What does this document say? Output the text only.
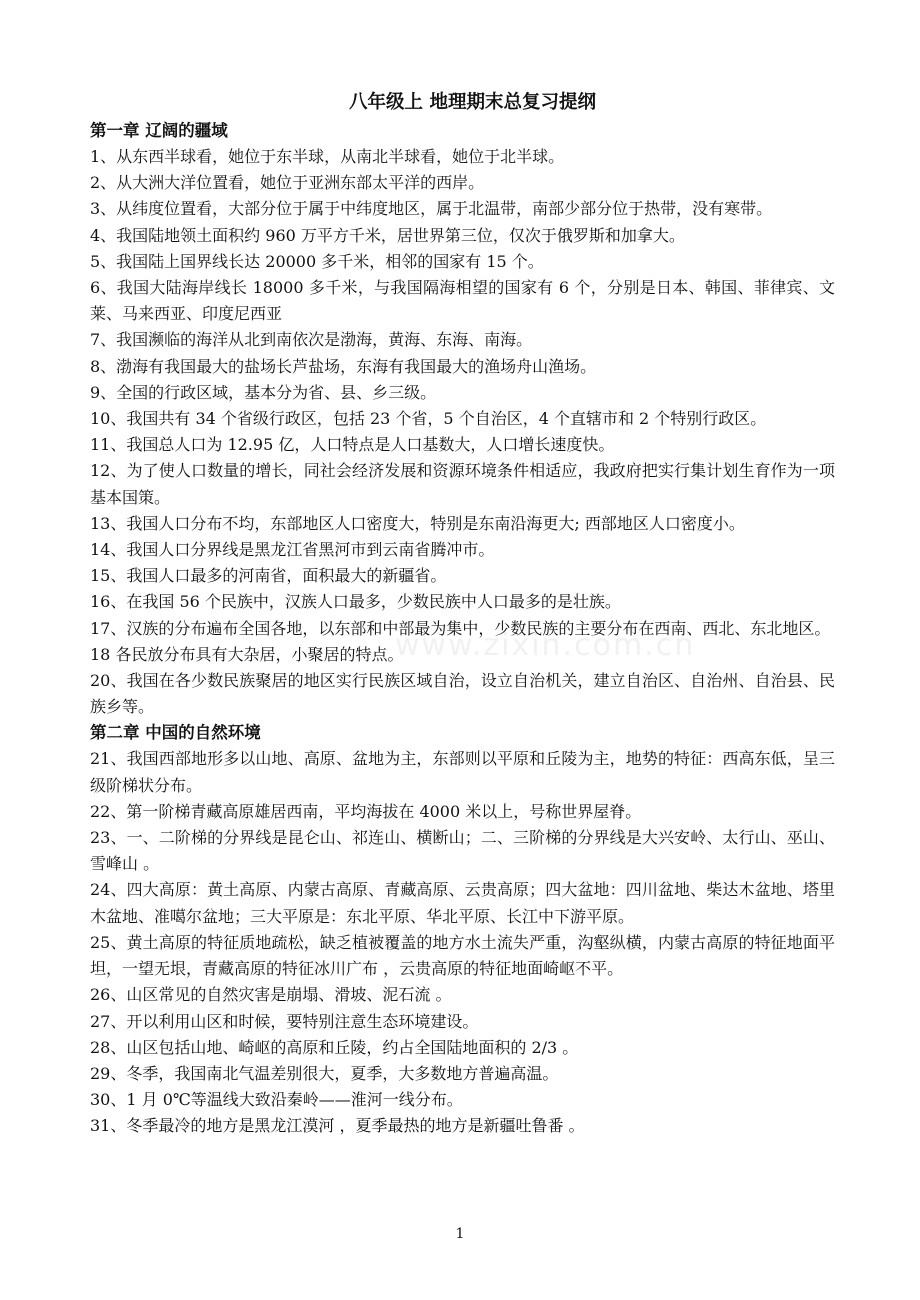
八年级上 地理期末总复习提纲
第一章 辽阔的疆域

1、从东西半球看，她位于东半球，从南北半球看，她位于北半球。

2、从大洲大洋位置看，她位于亚洲东部太平洋的西岸。

3、从纬度位置看，大部分位于属于中纬度地区，属于北温带，南部少部分位于热带，没有寒带。

4、我国陆地领土面积约 960 万平方千米，居世界第三位，仅次于俄罗斯和加拿大。

5、我国陆上国界线长达 20000 多千米，相邻的国家有 15 个。

6、我国大陆海岸线长 18000 多千米，与我国隔海相望的国家有 6 个，分别是日本、韩国、菲律宾、文莱、马来西亚、印度尼西亚

7、我国濒临的海洋从北到南依次是渤海，黄海、东海、南海。

8、渤海有我国最大的盐场长芦盐场，东海有我国最大的渔场舟山渔场。

9、全国的行政区域，基本分为省、县、乡三级。

10、我国共有 34 个省级行政区，包括 23 个省，5 个自治区，4 个直辖市和 2 个特别行政区。

11、我国总人口为 12.95 亿，人口特点是人口基数大，人口增长速度快。

12、为了使人口数量的增长，同社会经济发展和资源环境条件相适应，我政府把实行集计划生育作为一项基本国策。

13、我国人口分布不均，东部地区人口密度大，特别是东南沿海更大; 西部地区人口密度小。

14、我国人口分界线是黑龙江省黑河市到云南省腾冲市。

15、我国人口最多的河南省，面积最大的新疆省。

16、在我国 56 个民族中，汉族人口最多，少数民族中人口最多的是壮族。

17、汉族的分布遍布全国各地，以东部和中部最为集中，少数民族的主要分布在西南、西北、东北地区。

18 各民放分布具有大杂居，小聚居的特点。

20、我国在各少数民族聚居的地区实行民族区域自治，设立自治机关，建立自治区、自治州、自治县、民族乡等。

第二章 中国的自然环境

21、我国西部地形多以山地、高原、盆地为主，东部则以平原和丘陵为主，地势的特征：西高东低，呈三级阶梯状分布。

22、第一阶梯青藏高原雄居西南，平均海拔在 4000 米以上，号称世界屋脊。

23、一、二阶梯的分界线是昆仑山、祁连山、横断山；二、三阶梯的分界线是大兴安岭、太行山、巫山、雪峰山 。

24、四大高原：黄土高原、内蒙古高原、青藏高原、云贵高原；四大盆地：四川盆地、柴达木盆地、塔里木盆地、准噶尔盆地；三大平原是：东北平原、华北平原、长江中下游平原。

25、黄土高原的特征质地疏松，缺乏植被覆盖的地方水土流失严重，沟壑纵横，内蒙古高原的特征地面平坦，一望无垠，青藏高原的特征冰川广布 ，云贵高原的特征地面崎岖不平。

26、山区常见的自然灾害是崩塌、滑坡、泥石流 。

27、开以利用山区和时候，要特别注意生态环境建设。

28、山区包括山地、崎岖的高原和丘陵，约占全国陆地面积的 2/3 。

29、冬季，我国南北气温差别很大，夏季，大多数地方普遍高温。

30、1 月 0℃等温线大致沿秦岭——淮河一线分布。

31、冬季最冷的地方是黑龙江漠河 ，夏季最热的地方是新疆吐鲁番 。

www.zixin.com.cn
1
